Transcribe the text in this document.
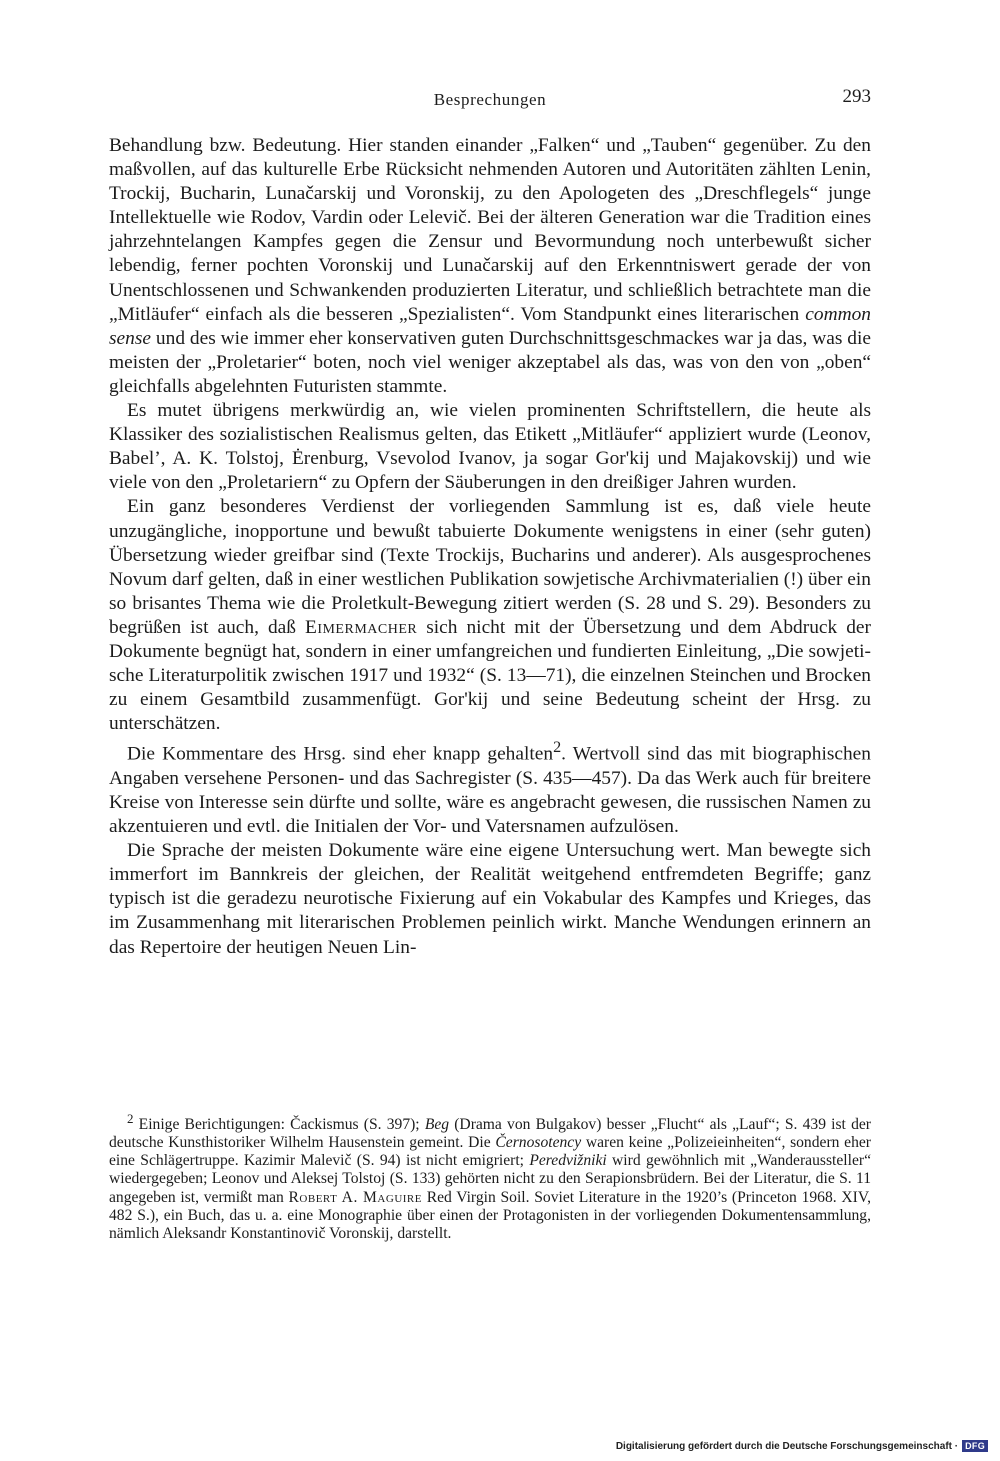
Besprechungen	293

Behandlung bzw. Bedeutung. Hier standen einander „Falken“ und „Tauben“ gegenüber. Zu den maßvollen, auf das kulturelle Erbe Rücksicht nehmenden Autoren und Autoritäten zählten Lenin, Trockij, Bucharin, Lunačarskij und Voronskij, zu den Apologeten des „Dreschflegels“ junge Intellektuelle wie Rodov, Vardin oder Lelevič. Bei der älteren Generation war die Tradition eines jahrzehntelangen Kampfes gegen die Zensur und Bevormundung noch unterbewußt sicher lebendig, ferner pochten Voronskij und Lunačarskij auf den Erkenntniswert gerade der von Unentschlossenen und Schwankenden produzierten Literatur, und schließlich betrachtete man die „Mitläufer“ einfach als die besseren „Spezialisten“. Vom Standpunkt eines literarischen common sense und des wie immer eher konservativen guten Durchschnittsgeschmackes war ja das, was die meisten der „Proletarier“ boten, noch viel weniger akzeptabel als das, was von den von „oben“ gleichfalls abgelehnten Futuristen stammte.

Es mutet übrigens merkwürdig an, wie vielen prominenten Schriftstellern, die heute als Klassiker des sozialistischen Realismus gelten, das Etikett „Mitläufer“ appliziert wurde (Leonov, Babel’, A. K. Tolstoj, Ėrenburg, Vsevolod Ivanov, ja sogar Gor'kij und Majakovskij) und wie viele von den „Proletariern“ zu Opfern der Säuberungen in den dreißiger Jahren wurden.

Ein ganz besonderes Verdienst der vorliegenden Sammlung ist es, daß viele heute unzugängliche, inopportune und bewußt tabuierte Dokumente wenigstens in einer (sehr guten) Übersetzung wieder greifbar sind (Texte Trockijs, Bucharins und anderer). Als ausgesprochenes Novum darf gelten, daß in einer westlichen Publikation sowjetische Archivmaterialien (!) über ein so brisantes Thema wie die Proletkult-Bewegung zitiert werden (S. 28 und S. 29). Besonders zu begrüßen ist auch, daß Eimermacher sich nicht mit der Übersetzung und dem Abdruck der Dokumente begnügt hat, sondern in einer umfangreichen und fundierten Einleitung, „Die sowjetische Literaturpolitik zwischen 1917 und 1932“ (S. 13—71), die einzelnen Steinchen und Brocken zu einem Gesamtbild zusammenfügt. Gor'kij und seine Bedeutung scheint der Hrsg. zu unterschätzen.

Die Kommentare des Hrsg. sind eher knapp gehalten$^2$. Wertvoll sind das mit biographischen Angaben versehene Personen- und das Sachregister (S. 435—457). Da das Werk auch für breitere Kreise von Interesse sein dürfte und sollte, wäre es angebracht gewesen, die russischen Namen zu akzentuieren und evtl. die Initialen der Vor- und Vatersnamen aufzulösen.

Die Sprache der meisten Dokumente wäre eine eigene Untersuchung wert. Man bewegte sich immerfort im Bannkreis der gleichen, der Realität weitgehend entfremdeten Begriffe; ganz typisch ist die geradezu neurotische Fixierung auf ein Vokabular des Kampfes und Krieges, das im Zusammenhang mit literarischen Problemen peinlich wirkt. Manche Wendungen erinnern an das Repertoire der heutigen Neuen Lin-

$^2$ Einige Berichtigungen: Čackismus (S. 397); Beg (Drama von Bulgakov) besser „Flucht“ als „Lauf“; S. 439 ist der deutsche Kunsthistoriker Wilhelm Hausenstein gemeint. Die Černosotency waren keine „Polizeieinheiten“, sondern eher eine Schlägertruppe. Kazimir Malevič (S. 94) ist nicht emigriert; Peredvižniki wird gewöhnlich mit „Wanderaussteller“ wiedergegeben; Leonov und Aleksej Tolstoj (S. 133) gehörten nicht zu den Serapionsbrüdern. Bei der Literatur, die S. 11 angegeben ist, vermißt man Robert A. Maguire Red Virgin Soil. Soviet Literature in the 1920’s (Princeton 1968. XIV, 482 S.), ein Buch, das u. a. eine Monographie über einen der Protagonisten in der vorliegenden Dokumentensammlung, nämlich Aleksandr Konstantinovič Voronskij, darstellt.

Digitalisierung gefördert durch die Deutsche Forschungsgemeinschaft · DFG
